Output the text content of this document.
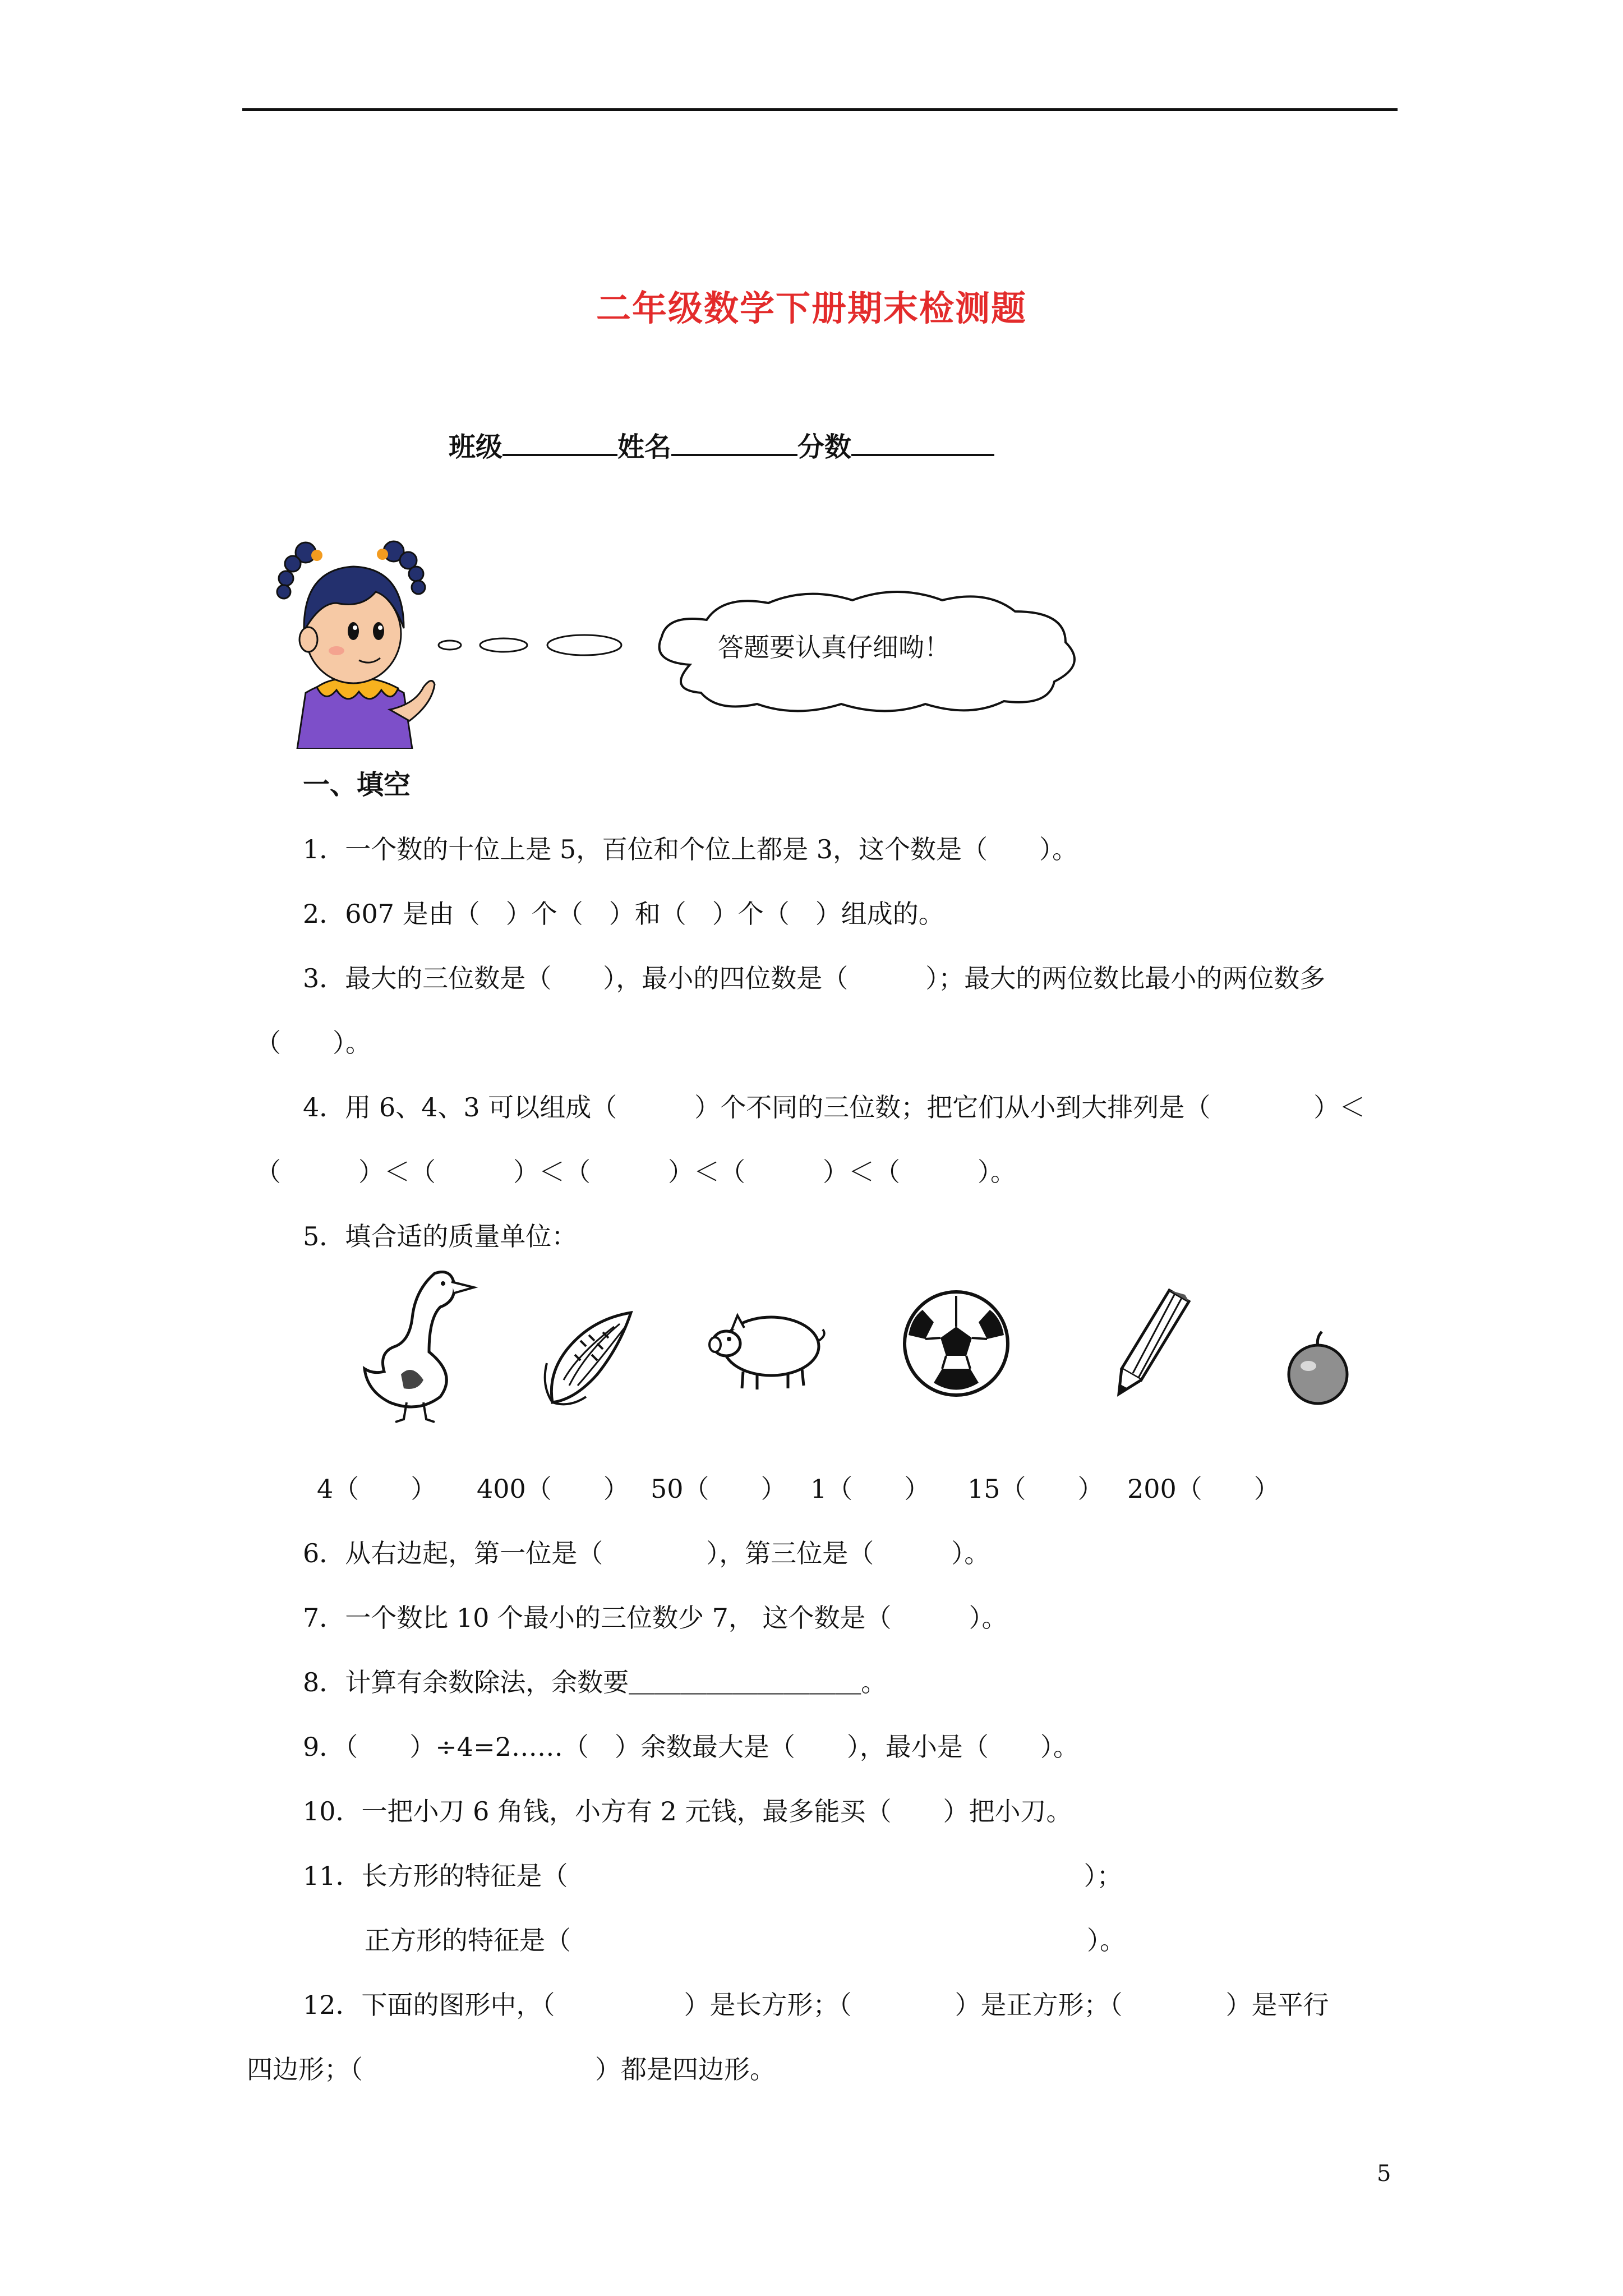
二年级数学下册期末检测题
班级	姓名	分数
答题要认真仔细呦！
一、填空
1．一个数的十位上是 5，百位和个位上都是 3，这个数是（　　）。
2．607 是由（　）个（　）和（　）个（　）组成的。
3．最大的三位数是（　　），最小的四位数是（　　　）；最大的两位数比最小的两位数多
（　　）。
4．用 6、4、3 可以组成（　　　）个不同的三位数；把它们从小到大排列是（　　　　）＜
（　　　）＜（　　　）＜（　　　）＜（　　　）＜（　　　）。
5．填合适的质量单位：
4（　　） 400（　　） 50（　　） 1（　　） 15（　　） 200（　　）
6．从右边起，第一位是（　　　　），第三位是（　　　）。
7．一个数比 10 个最小的三位数少 7， 这个数是（　　　）。
8．计算有余数除法，余数要＿＿＿＿＿＿＿＿＿。
9．（　　）÷4=2……（　）余数最大是（　　），最小是（　　）。
10．一把小刀 6 角钱，小方有 2 元钱，最多能买（　　）把小刀。
11．长方形的特征是（　　　　　　　　　　　　　　　　　　　　）；
正方形的特征是（　　　　　　　　　　　　　　　　　　　　）。
12．下面的图形中，（　　　　　）是长方形；（　　　　）是正方形；（　　　　）是平行
四边形；（　　　　　　　　　）都是四边形。
5
